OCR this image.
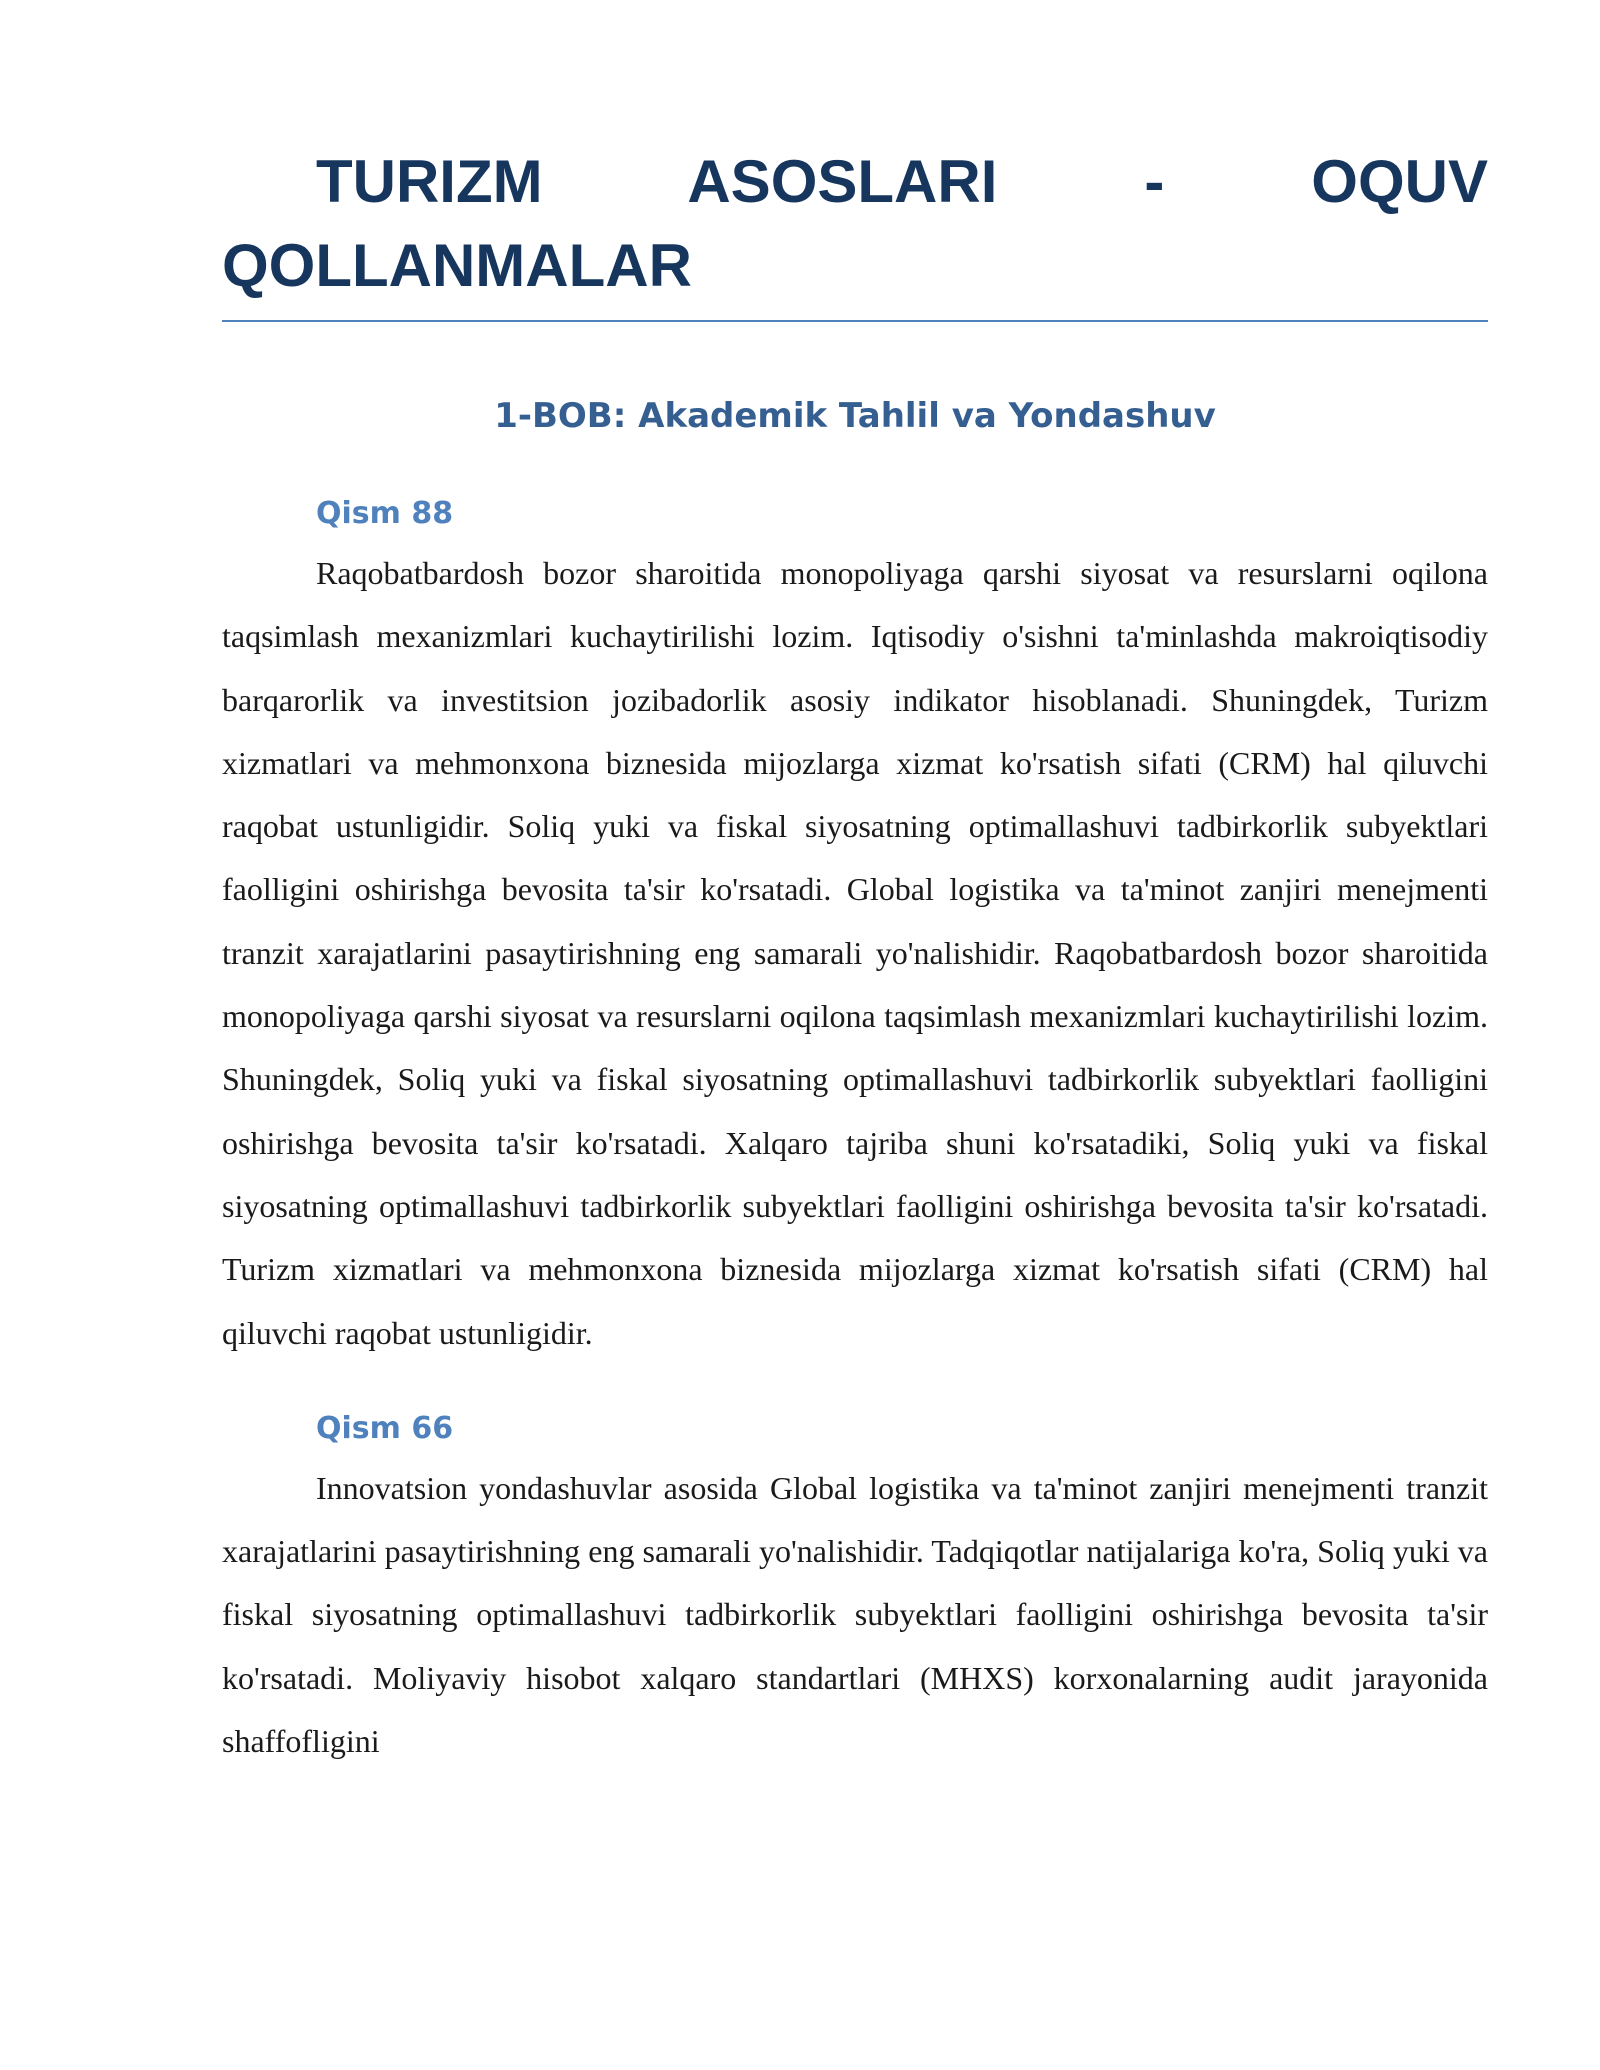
TURIZM ASOSLARI - OQUV QOLLANMALAR
1-BOB: Akademik Tahlil va Yondashuv
Qism 88

Raqobatbardosh bozor sharoitida monopoliyaga qarshi siyosat va resurslarni oqilona taqsimlash mexanizmlari kuchaytirilishi lozim. Iqtisodiy o'sishni ta'minlashda makroiqtisodiy barqarorlik va investitsion jozibadorlik asosiy indikator hisoblanadi. Shuningdek, Turizm xizmatlari va mehmonxona biznesida mijozlarga xizmat ko'rsatish sifati (CRM) hal qiluvchi raqobat ustunligidir. Soliq yuki va fiskal siyosatning optimallashuvi tadbirkorlik subyektlari faolligini oshirishga bevosita ta'sir ko'rsatadi. Global logistika va ta'minot zanjiri menejmenti tranzit xarajatlarini pasaytirishning eng samarali yo'nalishidir. Raqobatbardosh bozor sharoitida monopoliyaga qarshi siyosat va resurslarni oqilona taqsimlash mexanizmlari kuchaytirilishi lozim. Shuningdek, Soliq yuki va fiskal siyosatning optimallashuvi tadbirkorlik subyektlari faolligini oshirishga bevosita ta'sir ko'rsatadi. Xalqaro tajriba shuni ko'rsatadiki, Soliq yuki va fiskal siyosatning optimallashuvi tadbirkorlik subyektlari faolligini oshirishga bevosita ta'sir ko'rsatadi. Turizm xizmatlari va mehmonxona biznesida mijozlarga xizmat ko'rsatish sifati (CRM) hal qiluvchi raqobat ustunligidir.

Qism 66

Innovatsion yondashuvlar asosida Global logistika va ta'minot zanjiri menejmenti tranzit xarajatlarini pasaytirishning eng samarali yo'nalishidir. Tadqiqotlar natijalariga ko'ra, Soliq yuki va fiskal siyosatning optimallashuvi tadbirkorlik subyektlari faolligini oshirishga bevosita ta'sir ko'rsatadi. Moliyaviy hisobot xalqaro standartlari (MHXS) korxonalarning audit jarayonida shaffofligini
